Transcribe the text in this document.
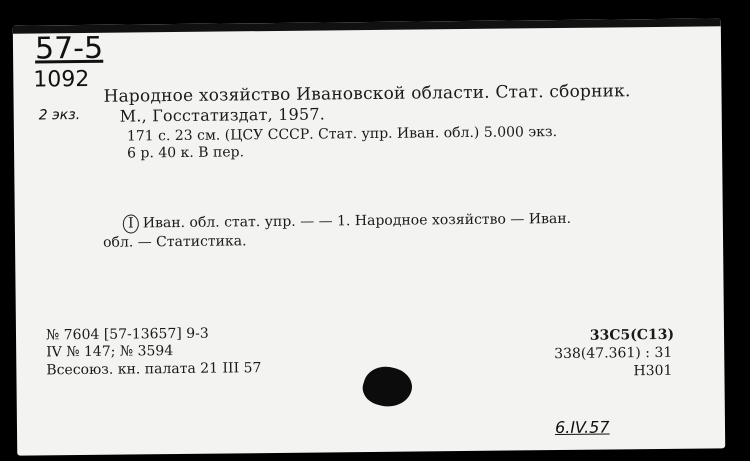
57-5
1092
2 экз.
Народное хозяйство Ивановской области. Стат. сборник.
М., Госстатиздат, 1957.
171 с. 23 см. (ЦСУ СССР. Стат. упр. Иван. обл.) 5.000 экз.
6 р. 40 к. В пер.
I Иван. обл. стат. упр. — — 1. Народное хозяйство — Иван.
обл. — Статистика.
№ 7604 [57-13657] 9-3
IV № 147; № 3594
Всесоюз. кн. палата 21 III 57
33C5(C13)
338(47.361) : 31
H301
6.IV.57
